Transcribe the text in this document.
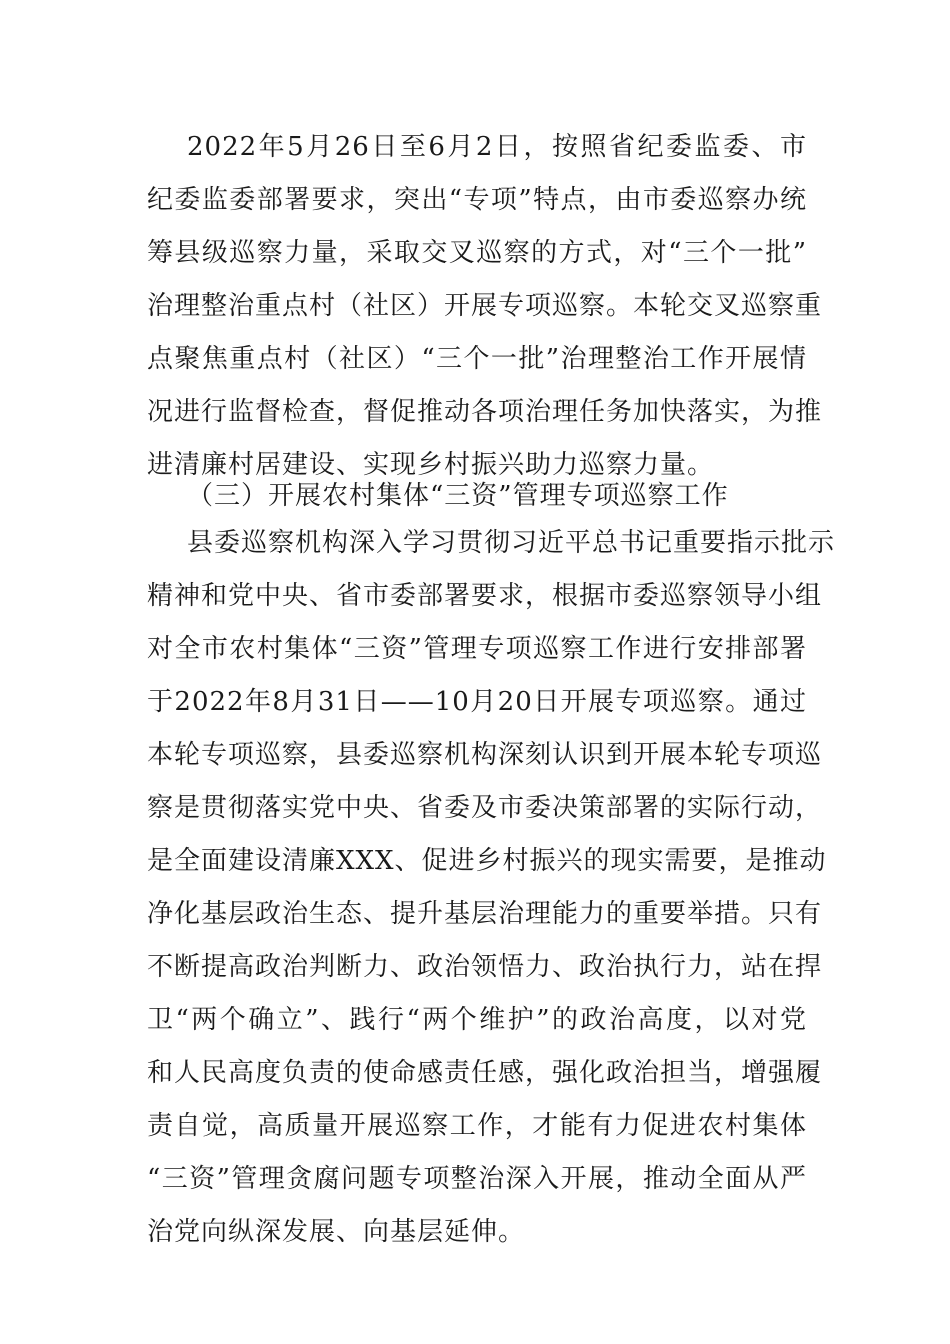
2022年5月26日至6月2日，按照省纪委监委、市
纪委监委部署要求，突出“专项”特点，由市委巡察办统
筹县级巡察力量，采取交叉巡察的方式，对“三个一批”
治理整治重点村（社区）开展专项巡察。本轮交叉巡察重
点聚焦重点村（社区）“三个一批”治理整治工作开展情
况进行监督检查，督促推动各项治理任务加快落实，为推
进清廉村居建设、实现乡村振兴助力巡察力量。
（三）开展农村集体“三资”管理专项巡察工作
县委巡察机构深入学习贯彻习近平总书记重要指示批示
精神和党中央、省市委部署要求，根据市委巡察领导小组
对全市农村集体“三资”管理专项巡察工作进行安排部署
于2022年8月31日——10月20日开展专项巡察。通过
本轮专项巡察，县委巡察机构深刻认识到开展本轮专项巡
察是贯彻落实党中央、省委及市委决策部署的实际行动，
是全面建设清廉XXX、促进乡村振兴的现实需要，是推动
净化基层政治生态、提升基层治理能力的重要举措。只有
不断提高政治判断力、政治领悟力、政治执行力，站在捍
卫“两个确立”、践行“两个维护”的政治高度，以对党
和人民高度负责的使命感责任感，强化政治担当，增强履
责自觉，高质量开展巡察工作，才能有力促进农村集体
“三资”管理贪腐问题专项整治深入开展，推动全面从严
治党向纵深发展、向基层延伸。
